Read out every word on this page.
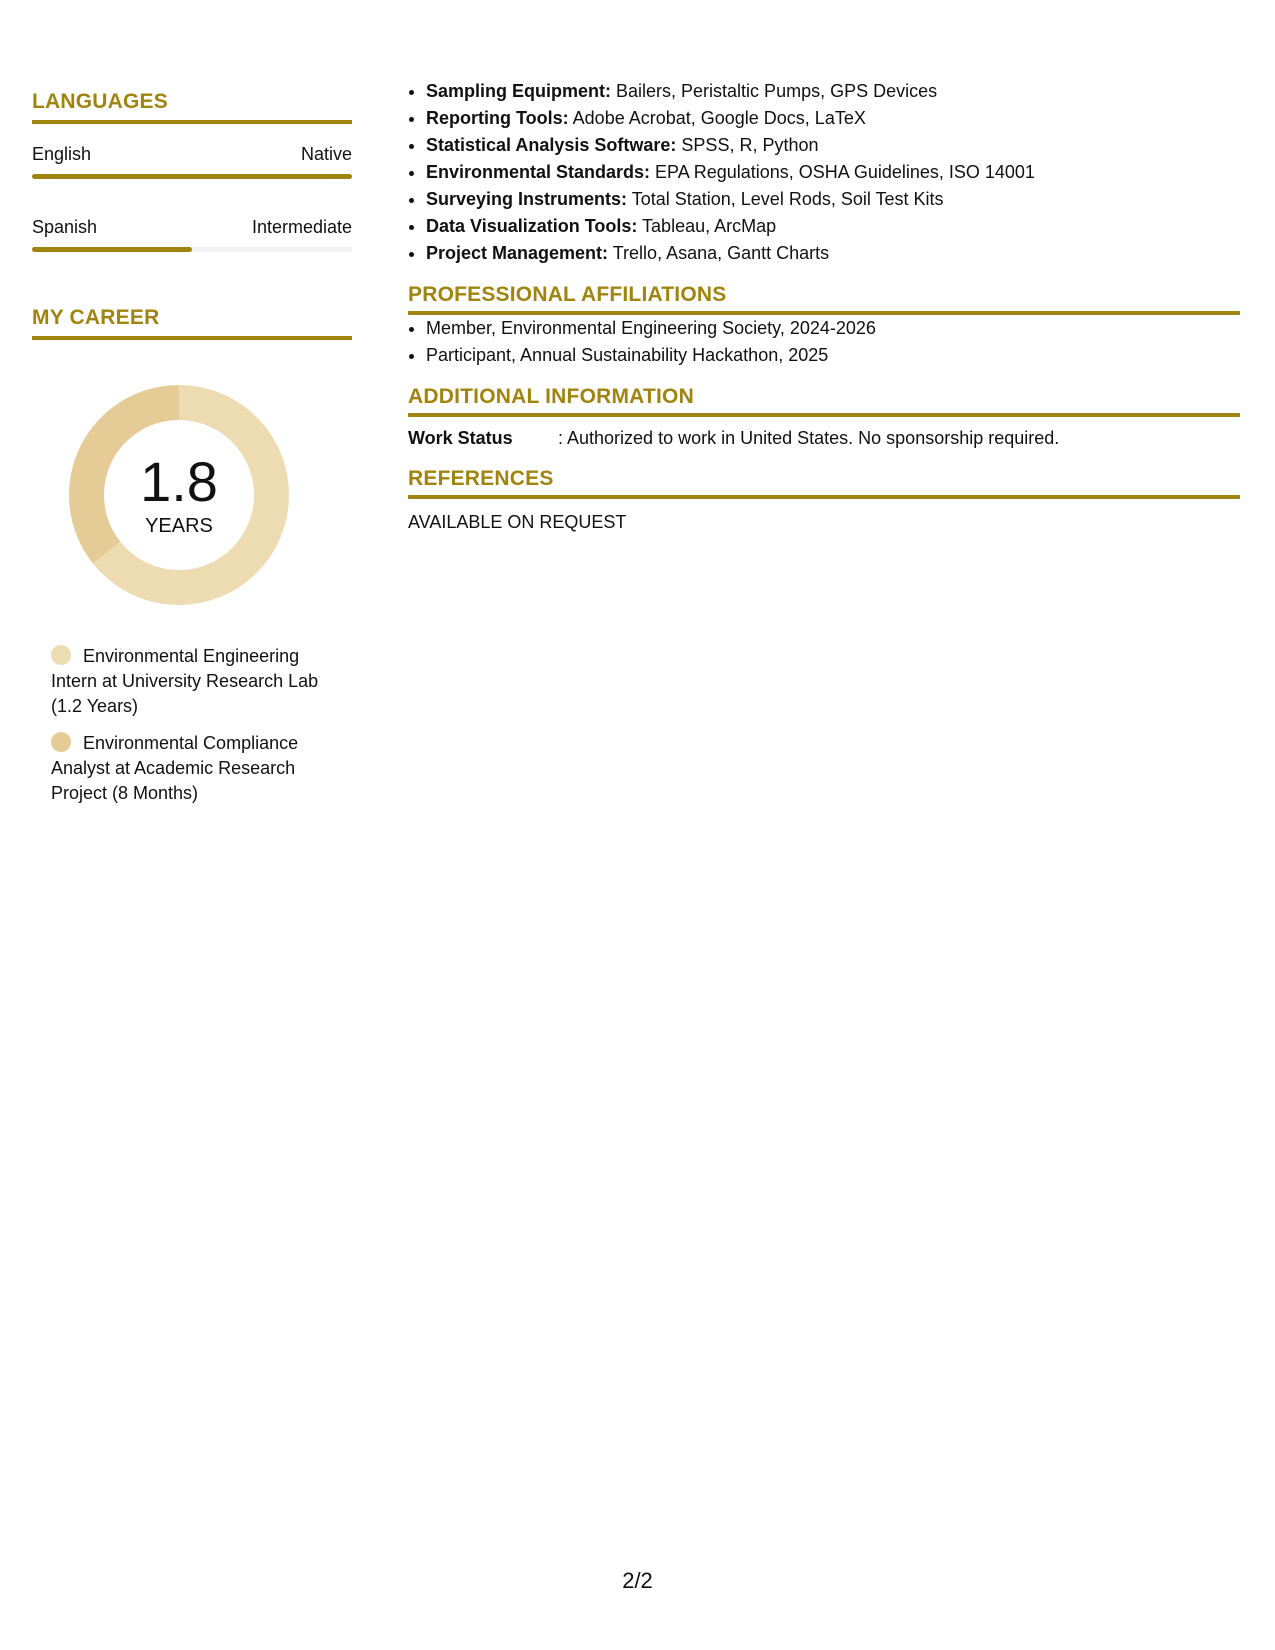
LANGUAGES
English	Native
Spanish	Intermediate
MY CAREER
1.8
YEARS
Environmental Engineering Intern at University Research Lab (1.2 Years)
Environmental Compliance Analyst at Academic Research Project (8 Months)
• Sampling Equipment: Bailers, Peristaltic Pumps, GPS Devices
• Reporting Tools: Adobe Acrobat, Google Docs, LaTeX
• Statistical Analysis Software: SPSS, R, Python
• Environmental Standards: EPA Regulations, OSHA Guidelines, ISO 14001
• Surveying Instruments: Total Station, Level Rods, Soil Test Kits
• Data Visualization Tools: Tableau, ArcMap
• Project Management: Trello, Asana, Gantt Charts
PROFESSIONAL AFFILIATIONS
• Member, Environmental Engineering Society, 2024-2026
• Participant, Annual Sustainability Hackathon, 2025
ADDITIONAL INFORMATION
Work Status	: Authorized to work in United States. No sponsorship required.
REFERENCES
AVAILABLE ON REQUEST
2/2
